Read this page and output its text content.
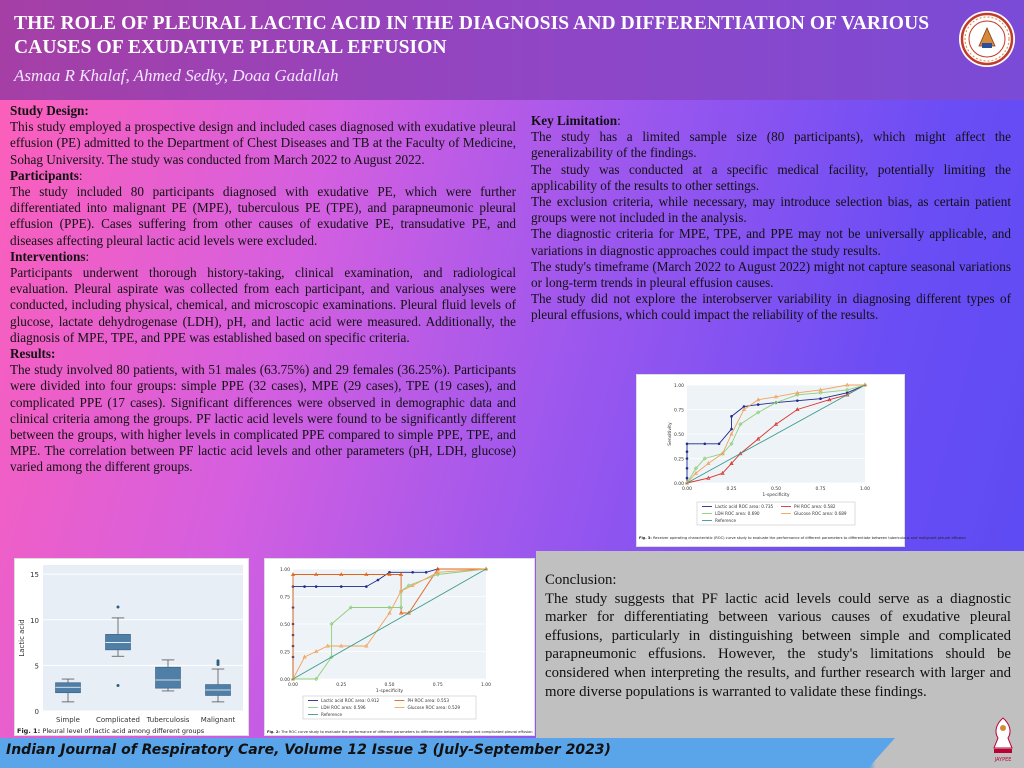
THE ROLE OF PLEURAL LACTIC ACID IN THE DIAGNOSIS AND DIFFERENTIATION OF VARIOUS CAUSES OF EXUDATIVE PLEURAL EFFUSION
Asmaa R Khalaf, Ahmed Sedky, Doaa Gadallah
Study Design:
This study employed a prospective design and included cases diagnosed with exudative pleural effusion (PE) admitted to the Department of Chest Diseases and TB at the Faculty of Medicine, Sohag University. The study was conducted from March 2022 to August 2022.
Participants:
The study included 80 participants diagnosed with exudative PE, which were further differentiated into malignant PE (MPE), tuberculous PE (TPE), and parapneumonic pleural effusion (PPE). Cases suffering from other causes of exudative PE, transudative PE, and diseases affecting pleural lactic acid levels were excluded.
Interventions:
Participants underwent thorough history-taking, clinical examination, and radiological evaluation. Pleural aspirate was collected from each participant, and various analyses were conducted, including physical, chemical, and microscopic examinations. Pleural fluid levels of glucose, lactate dehydrogenase (LDH), pH, and lactic acid were measured. Additionally, the diagnosis of MPE, TPE, and PPE was established based on specific criteria.
Results:
The study involved 80 patients, with 51 males (63.75%) and 29 females (36.25%). Participants were divided into four groups: simple PPE (32 cases), MPE (29 cases), TPE (19 cases), and complicated PPE (17 cases). Significant differences were observed in demographic data and clinical criteria among the groups. PF lactic acid levels were found to be significantly different between the groups, with higher levels in complicated PPE compared to simple PPE, TPE, and MPE. The correlation between PF lactic acid levels and other parameters (pH, LDH, glucose) varied among the different groups.
Key Limitation:
The study has a limited sample size (80 participants), which might affect the generalizability of the findings.
The study was conducted at a specific medical facility, potentially limiting the applicability of the results to other settings.
The exclusion criteria, while necessary, may introduce selection bias, as certain patient groups were not included in the analysis.
The diagnostic criteria for MPE, TPE, and PPE may not be universally applicable, and variations in diagnostic approaches could impact the study results.
The study's timeframe (March 2022 to August 2022) might not capture seasonal variations or long-term trends in pleural effusion causes.
The study did not explore the interobserver variability in diagnosing different types of pleural effusions, which could impact the reliability of the results.
0
5
10
15
Lactic acid
Simple Complicated Tuberculosis Malignant
Fig. 1: Pleural level of lactic acid among different groups
0.00
0.00
0.25
0.25
0.50
0.50
0.75
0.75
1.00
1.00
1-specificity
Lactic acid ROC area: 0.912	PH ROC area: 0.553
LDH ROC area: 0.596	Glucose ROC area: 0.529
Reference
Fig. 2: The ROC curve study to evaluate the performance of different parameters to differentiate between simple and complicated pleural effusion
0.00
0.00
0.25
0.25
0.50
0.50
0.75
0.75
1.00
1.00
1-specificity
Sensitivity
Lactic acid ROC area: 0.735	PH ROC area: 0.582
LDH ROC area: 0.690	Glucose ROC area: 0.689
Reference
Fig. 3: Receiver operating characteristic (ROC) curve study to evaluate the performance of different parameters to differentiate between tuberculous and malignant pleural effusion
Conclusion:
The study suggests that PF lactic acid levels could serve as a diagnostic marker for differentiating between various causes of exudative pleural effusions, particularly in distinguishing between simple and complicated parapneumonic effusions. However, the study's limitations should be considered when interpreting the results, and further research with larger and more diverse populations is warranted to validate these findings.
Indian Journal of Respiratory Care, Volume 12 Issue 3 (July-September 2023)
JAYPEE
